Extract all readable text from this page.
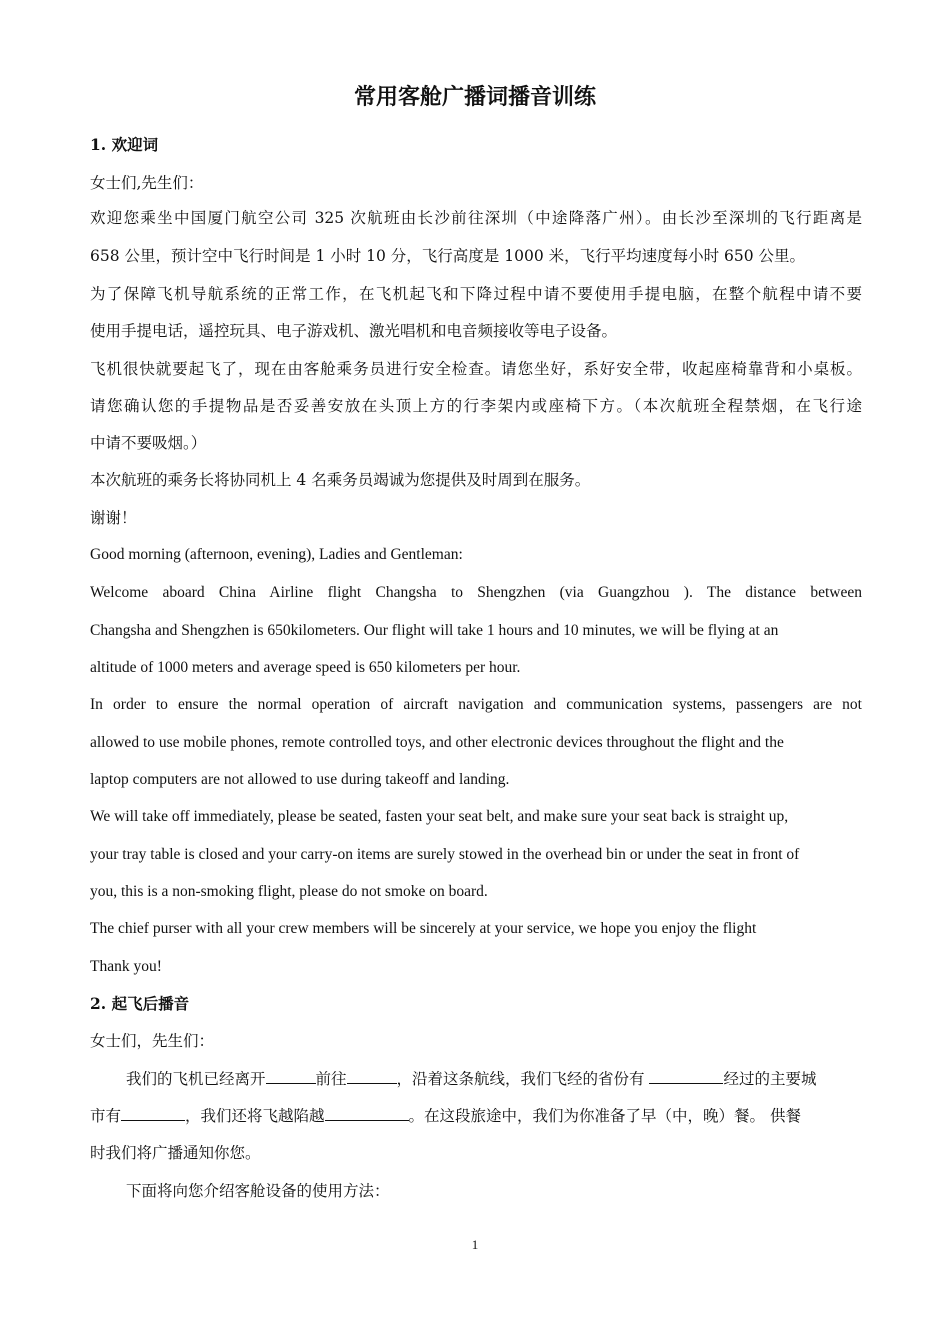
常用客舱广播词播音训练
1. 欢迎词
女士们,先生们：
欢迎您乘坐中国厦门航空公司 325 次航班由长沙前往深圳（中途降落广州）。由长沙至深圳的飞行距离是
658 公里，预计空中飞行时间是 1 小时 10 分，飞行高度是 1000 米，飞行平均速度每小时 650 公里。
为了保障飞机导航系统的正常工作，在飞机起飞和下降过程中请不要使用手提电脑，在整个航程中请不要
使用手提电话，遥控玩具、电子游戏机、激光唱机和电音频接收等电子设备。
飞机很快就要起飞了，现在由客舱乘务员进行安全检查。请您坐好，系好安全带，收起座椅靠背和小桌板。
请您确认您的手提物品是否妥善安放在头顶上方的行李架内或座椅下方。（本次航班全程禁烟，在飞行途
中请不要吸烟。）
本次航班的乘务长将协同机上 4 名乘务员竭诚为您提供及时周到在服务。
谢谢！
Good morning (afternoon, evening), Ladies and Gentleman:
Welcome aboard China Airline flight Changsha to Shengzhen (via Guangzhou ). The distance between
Changsha and Shengzhen is 650kilometers. Our flight will take 1 hours and 10 minutes, we will be flying at an
altitude of 1000 meters and average speed is 650 kilometers per hour.
In order to ensure the normal operation of aircraft navigation and communication systems, passengers are not
allowed to use mobile phones, remote controlled toys, and other electronic devices throughout the flight and the
laptop computers are not allowed to use during takeoff and landing.
We will take off immediately, please be seated, fasten your seat belt, and make sure your seat back is straight up,
your tray table is closed and your carry-on items are surely stowed in the overhead bin or under the seat in front of
you, this is a non-smoking flight, please do not smoke on board.
The chief purser with all your crew members will be sincerely at your service, we hope you enjoy the flight
Thank you!
2. 起飞后播音
女士们，先生们：
我们的飞机已经离开	前往	，沿着这条航线，我们飞经的省份有	经过的主要城
市有	，我们还将飞越陷越	。在这段旅途中，我们为你准备了早（中，晚）餐。 供餐
时我们将广播通知你您。
下面将向您介绍客舱设备的使用方法：
1
